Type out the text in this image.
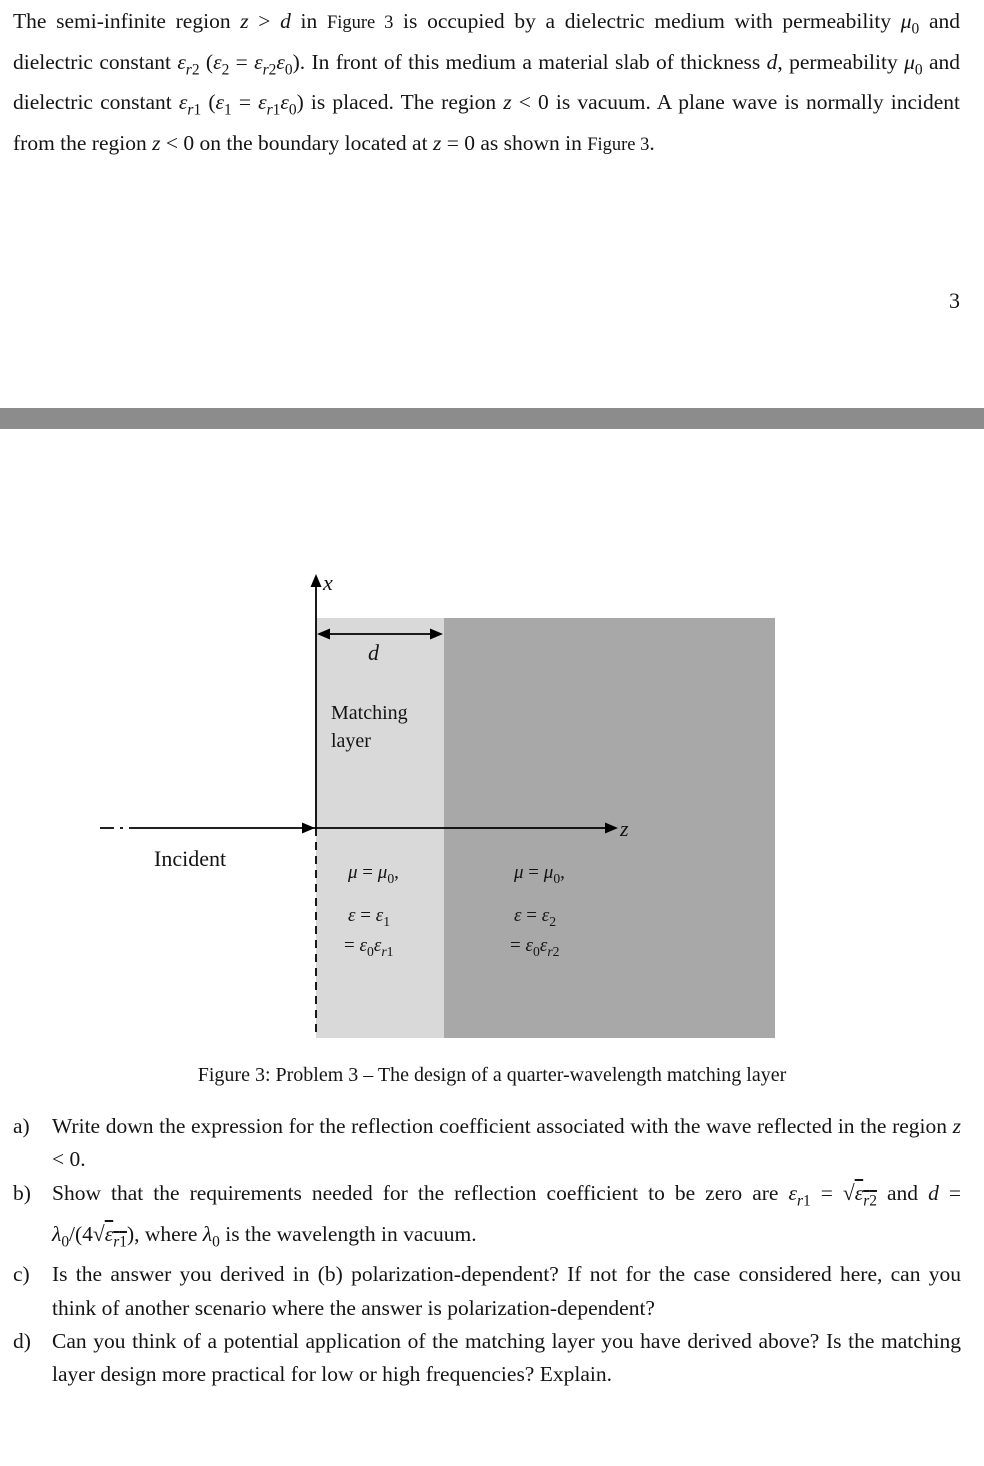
The semi-infinite region z > d in Figure 3 is occupied by a dielectric medium with permeability $\mu_0$ and dielectric constant $\varepsilon_{r2}$ $(\varepsilon_2 = \varepsilon_{r2}\varepsilon_0)$. In front of this medium a material slab of thickness d, permeability $\mu_0$ and dielectric constant $\varepsilon_{r1}$ $(\varepsilon_1 = \varepsilon_{r1}\varepsilon_0)$ is placed. The region z < 0 is vacuum. A plane wave is normally incident from the region z < 0 on the boundary located at z = 0 as shown in Figure 3.
3
x
d
Matching
layer
z
Incident
$\mu = \mu_0$,
$\varepsilon = \varepsilon_1$
= $\varepsilon_0\varepsilon_{r1}$
$\mu = \mu_0$,
$\varepsilon = \varepsilon_2$
= $\varepsilon_0\varepsilon_{r2}$
Figure 3: Problem 3 – The design of a quarter-wavelength matching layer
a)	Write down the expression for the reflection coefficient associated with the wave reflected in the region z < 0.
b) Show that the requirements needed for the reflection coefficient to be zero are $\varepsilon_{r1} = √\varepsilon_{r2}$ and $d = \lambda_0/(4√\varepsilon_{r1})$, where $\lambda_0$ is the wavelength in vacuum.
c)	Is the answer you derived in (b) polarization-dependent? If not for the case considered here, can you think of another scenario where the answer is polarization-dependent?
d) Can you think of a potential application of the matching layer you have derived above? Is the matching layer design more practical for low or high frequencies? Explain.
